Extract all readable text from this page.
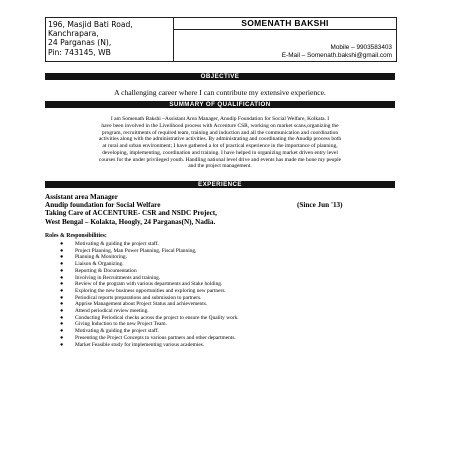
196, Masjid Bati Road,
Kanchrapara,
24 Parganas (N),
Pin: 743145, WB
SOMENATH BAKSHI
Mobile – 9903583403
E-Mail – Somenath.bakshi@gmail.com
OBJECTIVE
A challenging career where I can contribute my extensive experience.
SUMMARY OF QUALIFICATION
I am Somenath Bakshi –Assistant Area Manager, Anudip Foundation for Social Welfare, Kolkata. I
have been involved in the Livelihood process with Accenture CSR, working on market scans,organizing the
program, recruitments of required team, training and induction and all the communication and coordination
activities along with the administrative activities. By administrating and coordinating the Anudip process both
at rural and urban environment; I have gathered a lot of practical experience in the importance of planning,
developing, implementing, coordination and training. I have helped in organizing market driven entry level
courses for the under privileged youth. Handling national level drive and events has made me hone my people
and the project management.
EXPERIENCE
Assistant area Manager
Anudip foundation for Social Welfare	(Since Jun '13)
Taking Care of ACCENTURE- CSR and NSDC Project,
West Bengal – Kolakta, Hoogly, 24 Parganas(N), Nadia.
Roles & Responsibilities:
● Motivating & guiding the project staff.
● Project Planning, Man Power Planning, Fiscal Planning,
● Planning & Monitoring.
● Liaison & Organizing.
● Reporting & Documentation
● Involving in Recruitments and training.
● Review of the program with various departments and Stake holding.
● Exploring the new business opportunities and exploring new partners.
● Periodical reports preparations and submission to partners.
● Apprise Management about Project Status and achievements.
● Attend periodical review meeting.
● Conducting Periodical checks across the project to ensure the Quality work.
● Giving Induction to the new Project Team.
● Motivating & guiding the project staff.
● Presenting the Project Concepts to various partners and other departments.
● Market Feasible study for implementing various academies.
